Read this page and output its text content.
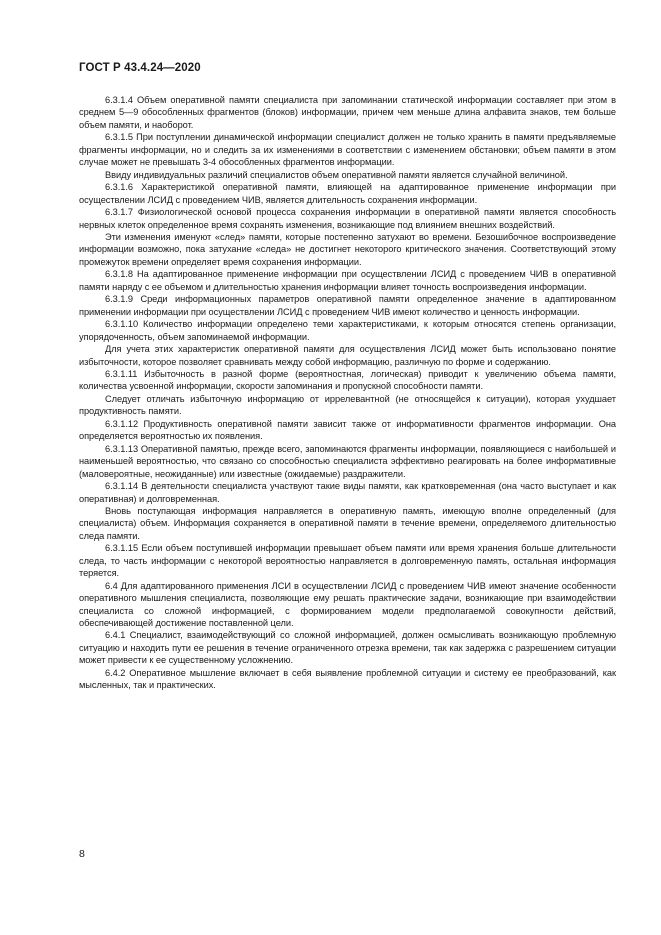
ГОСТ Р 43.4.24—2020

6.3.1.4 Объем оперативной памяти специалиста при запоминании статической информации составляет при этом в среднем 5—9 обособленных фрагментов (блоков) информации, причем чем меньше длина алфавита знаков, тем больше объем памяти, и наоборот.

6.3.1.5 При поступлении динамической информации специалист должен не только хранить в памяти предъявляемые фрагменты информации, но и следить за их изменениями в соответствии с изменением обстановки; объем памяти в этом случае может не превышать 3-4 обособленных фрагментов информации.

Ввиду индивидуальных различий специалистов объем оперативной памяти является случайной величиной.

6.3.1.6 Характеристикой оперативной памяти, влияющей на адаптированное применение информации при осуществлении ЛСИД с проведением ЧИВ, является длительность сохранения информации.

6.3.1.7 Физиологической основой процесса сохранения информации в оперативной памяти является способность нервных клеток определенное время сохранять изменения, возникающие под влиянием внешних воздействий.

Эти изменения именуют «след» памяти, которые постепенно затухают во времени. Безошибочное воспроизведение информации возможно, пока затухание «следа» не достигнет некоторого критического значения. Соответствующий этому промежуток времени определяет время сохранения информации.

6.3.1.8 На адаптированное применение информации при осуществлении ЛСИД с проведением ЧИВ в оперативной памяти наряду с ее объемом и длительностью хранения информации влияет точность воспроизведения информации.

6.3.1.9 Среди информационных параметров оперативной памяти определенное значение в адаптированном применении информации при осуществлении ЛСИД с проведением ЧИВ имеют количество и ценность информации.

6.3.1.10 Количество информации определено теми характеристиками, к которым относятся степень организации, упорядоченность, объем запоминаемой информации.

Для учета этих характеристик оперативной памяти для осуществления ЛСИД может быть использовано понятие избыточности, которое позволяет сравнивать между собой информацию, различную по форме и содержанию.

6.3.1.11 Избыточность в разной форме (вероятностная, логическая) приводит к увеличению объема памяти, количества усвоенной информации, скорости запоминания и пропускной способности памяти.

Следует отличать избыточную информацию от иррелевантной (не относящейся к ситуации), которая ухудшает продуктивность памяти.

6.3.1.12 Продуктивность оперативной памяти зависит также от информативности фрагментов информации. Она определяется вероятностью их появления.

6.3.1.13 Оперативной памятью, прежде всего, запоминаются фрагменты информации, появляющиеся с наибольшей и наименьшей вероятностью, что связано со способностью специалиста эффективно реагировать на более информативные (маловероятные, неожиданные) или известные (ожидаемые) раздражители.

6.3.1.14 В деятельности специалиста участвуют такие виды памяти, как кратковременная (она часто выступает и как оперативная) и долговременная.

Вновь поступающая информация направляется в оперативную память, имеющую вполне определенный (для специалиста) объем. Информация сохраняется в оперативной памяти в течение времени, определяемого длительностью следа памяти.

6.3.1.15 Если объем поступившей информации превышает объем памяти или время хранения больше длительности следа, то часть информации с некоторой вероятностью направляется в долговременную память, остальная информация теряется.

6.4 Для адаптированного применения ЛСИ в осуществлении ЛСИД с проведением ЧИВ имеют значение особенности оперативного мышления специалиста, позволяющие ему решать практические задачи, возникающие при взаимодействии специалиста со сложной информацией, с формированием модели предполагаемой совокупности действий, обеспечивающей достижение поставленной цели.

6.4.1 Специалист, взаимодействующий со сложной информацией, должен осмысливать возникающую проблемную ситуацию и находить пути ее решения в течение ограниченного отрезка времени, так как задержка с разрешением ситуации может привести к ее существенному усложнению.

6.4.2 Оперативное мышление включает в себя выявление проблемной ситуации и систему ее преобразований, как мысленных, так и практических.

8
